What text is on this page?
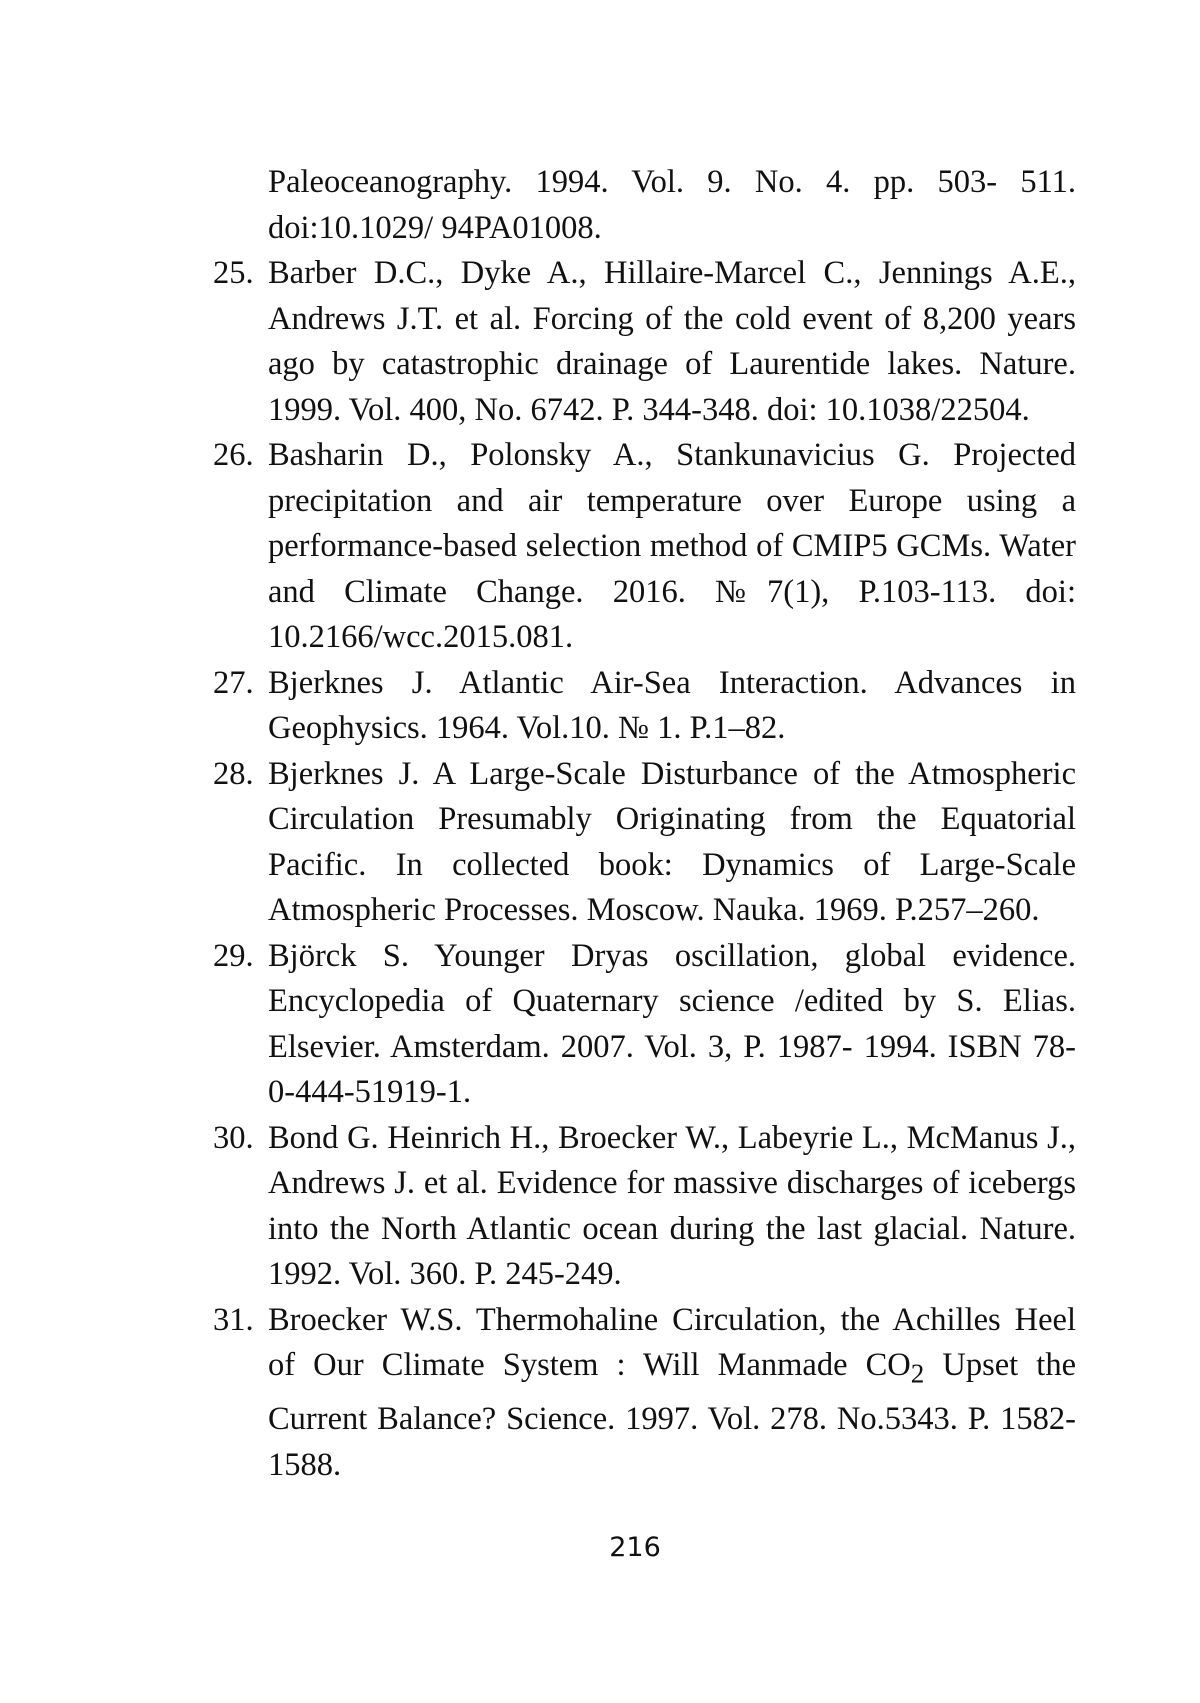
Paleoceanography. 1994. Vol. 9. No. 4. pp. 503- 511. doi:10.1029/ 94PA01008.
25. Barber D.C., Dyke A., Hillaire-Marcel C., Jennings A.E., Andrews J.T. et al. Forcing of the cold event of 8,200 years ago by catastrophic drainage of Laurentide lakes. Nature. 1999. Vol. 400, No. 6742. P. 344-348. doi: 10.1038/22504.
26. Basharin D., Polonsky A., Stankunavicius G. Projected precipitation and air temperature over Europe using a performance-based selection method of CMIP5 GCMs. Water and Climate Change. 2016. №7(1), P.103-113. doi: 10.2166/wcc.2015.081.
27. Bjerknes J. Atlantic Air-Sea Interaction. Advances in Geophysics. 1964. Vol.10. № 1. P.1–82.
28. Bjerknes J. A Large-Scale Disturbance of the Atmospheric Circulation Presumably Originating from the Equatorial Pacific. In collected book: Dynamics of Large-Scale Atmospheric Processes. Moscow. Nauka. 1969. P.257–260.
29. Björck S. Younger Dryas oscillation, global evidence. Encyclopedia of Quaternary science /edited by S. Elias. Elsevier. Amsterdam. 2007. Vol. 3, P. 1987- 1994. ISBN 78-0-444-51919-1.
30. Bond G. Heinrich H., Broecker W., Labeyrie L., McManus J., Andrews J. et al. Evidence for massive discharges of icebergs into the North Atlantic ocean during the last glacial. Nature. 1992. Vol. 360. P. 245-249.
31. Broecker W.S. Thermohaline Circulation, the Achilles Heel of Our Climate System : Will Manmade $CO_2$ Upset the Current Balance? Science. 1997. Vol. 278. No.5343. P. 1582-1588.
216
